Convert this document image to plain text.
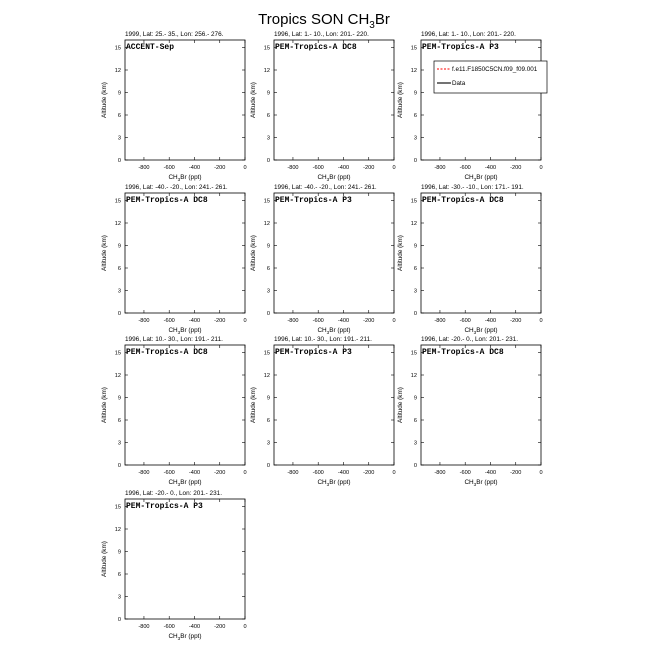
Tropics SON $CH_3Br$
1999, Lat: 25.- 35., Lon: 256.- 276.
ACCENT-Sep
0
3
6
9
12
15
-800	-600	-400	-200	0
$CH_3Br$ (ppt)
Altitude (km)
1996, Lat: 1.- 10., Lon: 201.- 220.
PEM-Tropics-A DC8
0
3
6
9
12
15
-800	-600	-400	-200	0
$CH_3Br$ (ppt)
Altitude (km)
1996, Lat: 1.- 10., Lon: 201.- 220.
PEM-Tropics-A P3
0
3
6
9
12
15
-800	-600	-400	-200	0
$CH_3Br$ (ppt)
Altitude (km)
f.e11.F1850C5CN.f09_f09.001
Data
1996, Lat: -40.- -20., Lon: 241.- 261.
PEM-Tropics-A DC8
0
3
6
9
12
15
-800	-600	-400	-200	0
$CH_3Br$ (ppt)
Altitude (km)
1996, Lat: -40.- -20., Lon: 241.- 261.
PEM-Tropics-A P3
0
3
6
9
12
15
-800	-600	-400	-200	0
$CH_3Br$ (ppt)
Altitude (km)
1996, Lat: -30.- -10., Lon: 171.- 191.
PEM-Tropics-A DC8
0
3
6
9
12
15
-800	-600	-400	-200	0
$CH_3Br$ (ppt)
Altitude (km)
1996, Lat: 10.- 30., Lon: 191.- 211.
PEM-Tropics-A DC8
0
3
6
9
12
15
-800	-600	-400	-200	0
$CH_3Br$ (ppt)
Altitude (km)
1996, Lat: 10.- 30., Lon: 191.- 211.
PEM-Tropics-A P3
0
3
6
9
12
15
-800	-600	-400	-200	0
$CH_3Br$ (ppt)
Altitude (km)
1996, Lat: -20.- 0., Lon: 201.- 231.
PEM-Tropics-A DC8
0
3
6
9
12
15
-800	-600	-400	-200	0
$CH_3Br$ (ppt)
Altitude (km)
1996, Lat: -20.- 0., Lon: 201.- 231.
PEM-Tropics-A P3
0
3
6
9
12
15
-800	-600	-400	-200	0
$CH_3Br$ (ppt)
Altitude (km)
